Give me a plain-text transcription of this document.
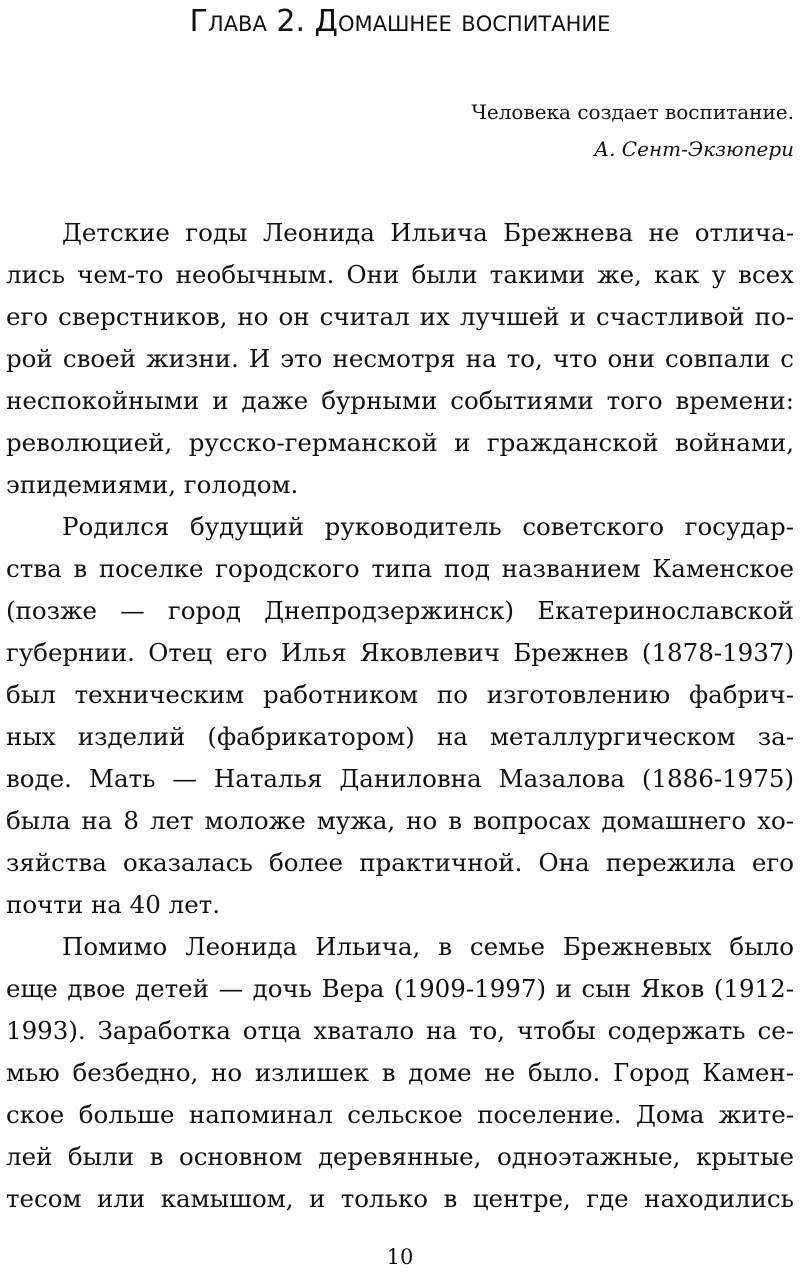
Глава 2. Домашнее воспитание
Человека создает воспитание.
А. Сент-Экзюпери
Детские годы Леонида Ильича Брежнева не отлича-
лись чем-то необычным. Они были такими же, как у всех
его сверстников, но он считал их лучшей и счастливой по-
рой своей жизни. И это несмотря на то, что они совпали с
неспокойными и даже бурными событиями того времени:
революцией, русско-германской и гражданской войнами,
эпидемиями, голодом.
Родился будущий руководитель советского государ-
ства в поселке городского типа под названием Каменское
(позже — город Днепродзержинск) Екатеринославской
губернии. Отец его Илья Яковлевич Брежнев (1878-1937)
был техническим работником по изготовлению фабрич-
ных изделий (фабрикатором) на металлургическом за-
воде. Мать — Наталья Даниловна Мазалова (1886-1975)
была на 8 лет моложе мужа, но в вопросах домашнего хо-
зяйства оказалась более практичной. Она пережила его
почти на 40 лет.
Помимо Леонида Ильича, в семье Брежневых было
еще двое детей — дочь Вера (1909-1997) и сын Яков (1912-
1993). Заработка отца хватало на то, чтобы содержать се-
мью безбедно, но излишек в доме не было. Город Камен-
ское больше напоминал сельское поселение. Дома жите-
лей были в основном деревянные, одноэтажные, крытые
тесом или камышом, и только в центре, где находились
10
